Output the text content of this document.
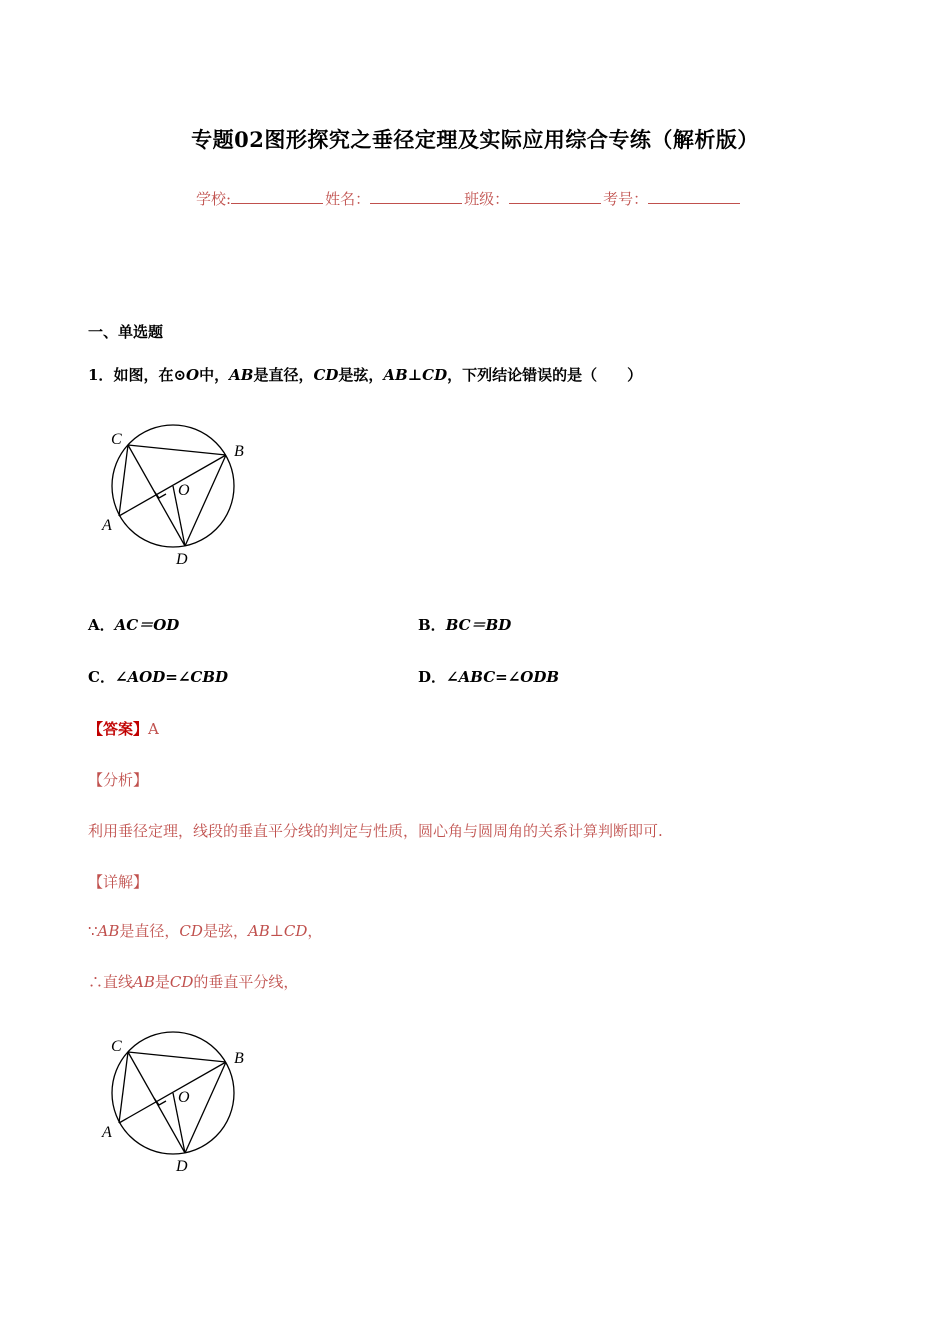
专题02图形探究之垂径定理及实际应用综合专练（解析版）
学校:	姓名：	班级：	考号：
一、单选题
1．如图，在⊙O中，AB是直径，CD是弦，AB⊥CD，下列结论错误的是（　　）
C
B
O
A
D
A．AC＝OD	B．BC＝BD
C．∠AOD=∠CBD	D．∠ABC=∠ODB
【答案】A
【分析】
利用垂径定理，线段的垂直平分线的判定与性质，圆心角与圆周角的关系计算判断即可.
【详解】
∵AB是直径，CD是弦，AB⊥CD，
∴直线AB是CD的垂直平分线，
C
B
O
A
D
